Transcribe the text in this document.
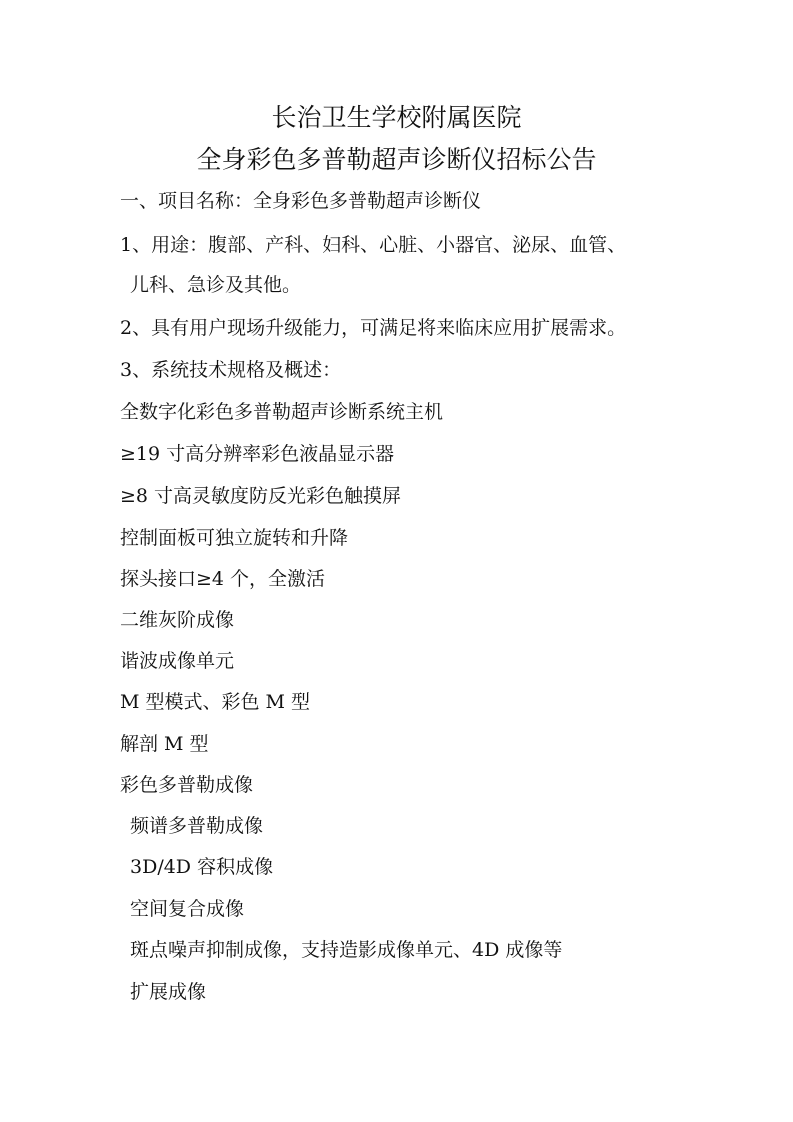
长治卫生学校附属医院
全身彩色多普勒超声诊断仪招标公告
一、项目名称：全身彩色多普勒超声诊断仪
1、用途：腹部、产科、妇科、心脏、小器官、泌尿、血管、
儿科、急诊及其他。
2、具有用户现场升级能力，可满足将来临床应用扩展需求。
3、系统技术规格及概述：
全数字化彩色多普勒超声诊断系统主机
≥19 寸高分辨率彩色液晶显示器
≥8 寸高灵敏度防反光彩色触摸屏
控制面板可独立旋转和升降
探头接口≥4 个，全激活
二维灰阶成像
谐波成像单元
M 型模式、彩色 M 型
解剖 M 型
彩色多普勒成像
频谱多普勒成像
3D/4D 容积成像
空间复合成像
斑点噪声抑制成像，支持造影成像单元、4D 成像等
扩展成像
